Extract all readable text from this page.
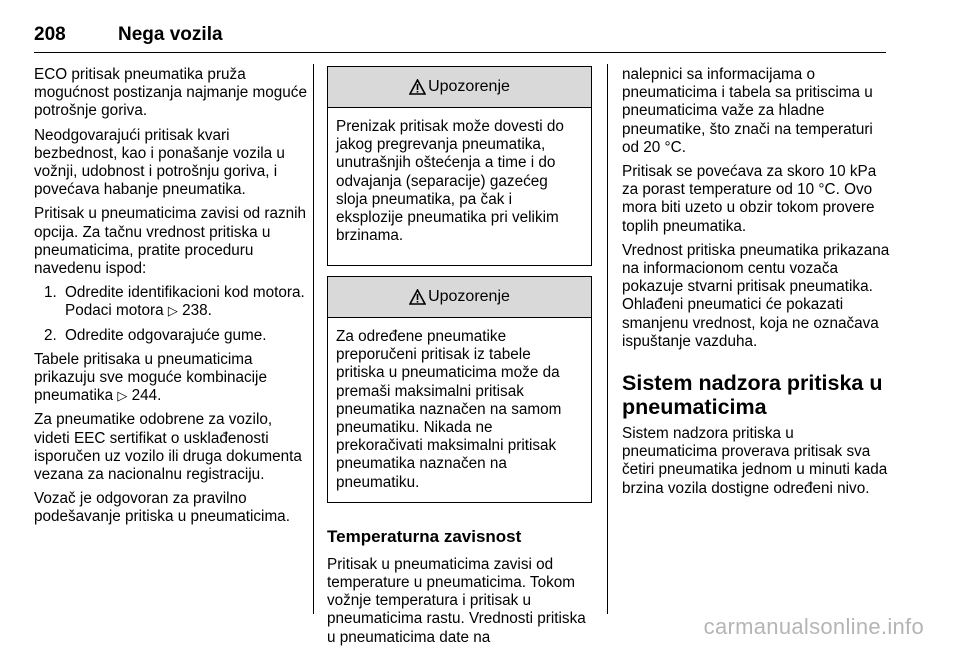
208	Nega vozila

ECO pritisak pneumatika pruža mogućnost postizanja najmanje moguće potrošnje goriva.

Neodgovarajući pritisak kvari bezbednost, kao i ponašanje vozila u vožnji, udobnost i potrošnju goriva, i povećava habanje pneumatika.

Pritisak u pneumaticima zavisi od raznih opcija. Za tačnu vrednost pritiska u pneumaticima, pratite proceduru navedenu ispod:

1. Odredite identifikacioni kod motora. Podaci motora ▷ 238.
2. Odredite odgovarajuće gume.

Tabele pritisaka u pneumaticima prikazuju sve moguće kombinacije pneumatika ▷ 244.

Za pneumatike odobrene za vozilo, videti EEC sertifikat o usklađenosti isporučen uz vozilo ili druga dokumenta vezana za nacionalnu registraciju.

Vozač je odgovoran za pravilno podešavanje pritiska u pneumaticima.

Upozorenje

Prenizak pritisak može dovesti do jakog pregrevanja pneumatika, unutrašnjih oštećenja a time i do odvajanja (separacije) gazećeg sloja pneumatika, pa čak i eksplozije pneumatika pri velikim brzinama.

Upozorenje

Za određene pneumatike preporučeni pritisak iz tabele pritiska u pneumaticima može da premaši maksimalni pritisak pneumatika naznačen na samom pneumatiku. Nikada ne prekoračivati maksimalni pritisak pneumatika naznačen na pneumatiku.

Temperaturna zavisnost

Pritisak u pneumaticima zavisi od temperature u pneumaticima. Tokom vožnje temperatura i pritisak u pneumaticima rastu. Vrednosti pritiska u pneumaticima date na

nalepnici sa informacijama o pneumaticima i tabela sa pritiscima u pneumaticima važe za hladne pneumatike, što znači na temperaturi od 20 °C.

Pritisak se povećava za skoro 10 kPa za porast temperature od 10 °C. Ovo mora biti uzeto u obzir tokom provere toplih pneumatika.

Vrednost pritiska pneumatika prikazana na informacionom centu vozača pokazuje stvarni pritisak pneumatika. Ohlađeni pneumatici će pokazati smanjenu vrednost, koja ne označava ispuštanje vazduha.

Sistem nadzora pritiska u pneumaticima

Sistem nadzora pritiska u pneumaticima proverava pritisak sva četiri pneumatika jednom u minuti kada brzina vozila dostigne određeni nivo.

carmanualsonline.info
